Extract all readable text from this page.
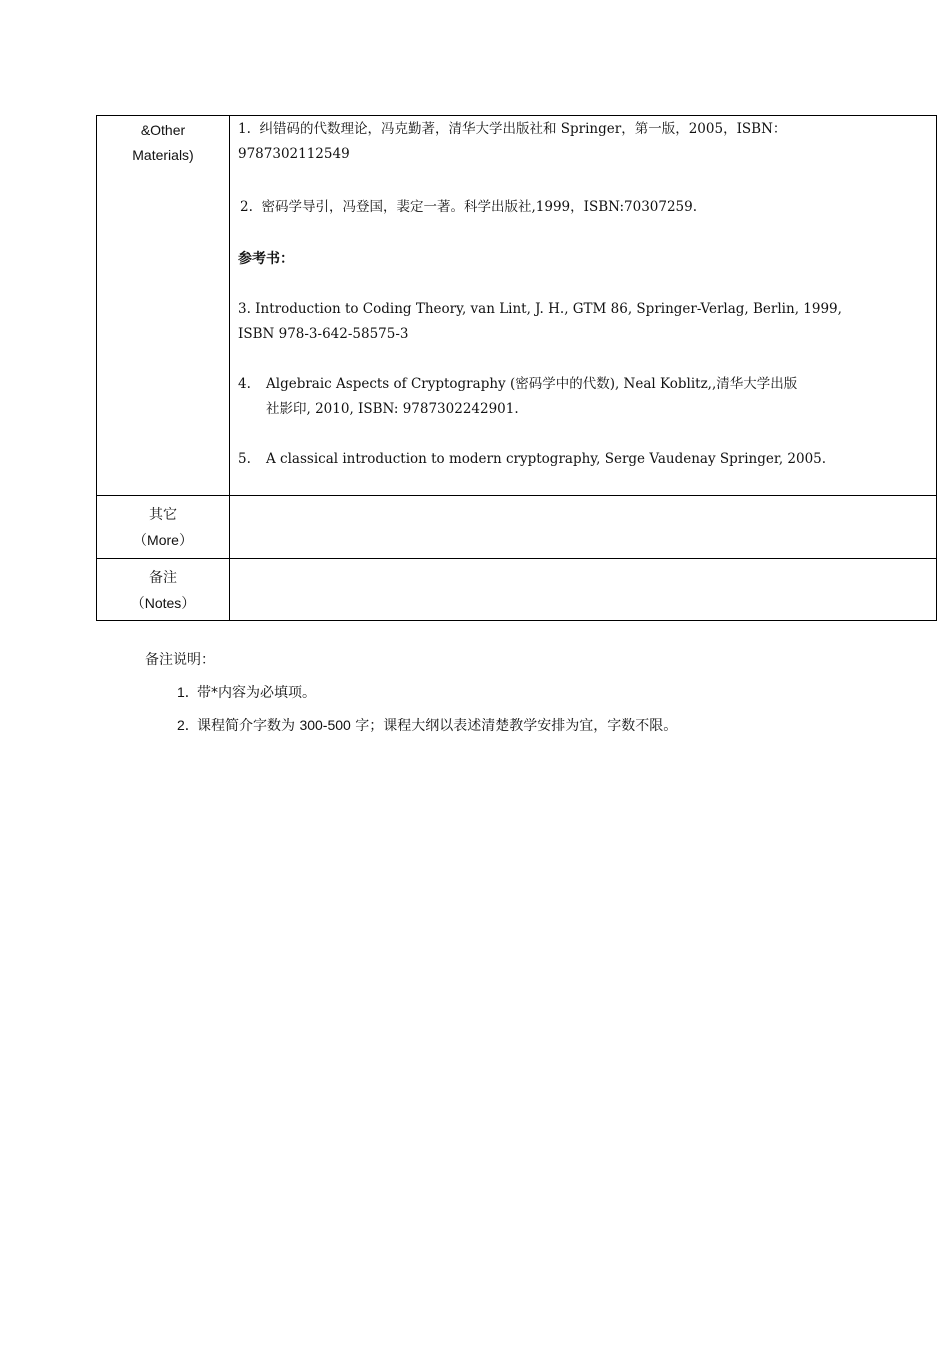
&Other
Materials)
1. 纠错码的代数理论，冯克勤著，清华大学出版社和 Springer，第一版，2005，ISBN：
9787302112549
2. 密码学导引，冯登国，裴定一著。科学出版社,1999，ISBN:70307259.
参考书：
3. Introduction to Coding Theory, van Lint, J. H., GTM 86, Springer-Verlag, Berlin, 1999,
ISBN 978-3-642-58575-3
4. Algebraic Aspects of Cryptography (密码学中的代数), Neal Koblitz,,清华大学出版
社影印, 2010, ISBN: 9787302242901.
5. A classical introduction to modern cryptography, Serge Vaudenay Springer, 2005.
其它
（More）
备注
（Notes）
备注说明：
1．带*内容为必填项。
2．课程简介字数为 300-500 字；课程大纲以表述清楚教学安排为宜，字数不限。
